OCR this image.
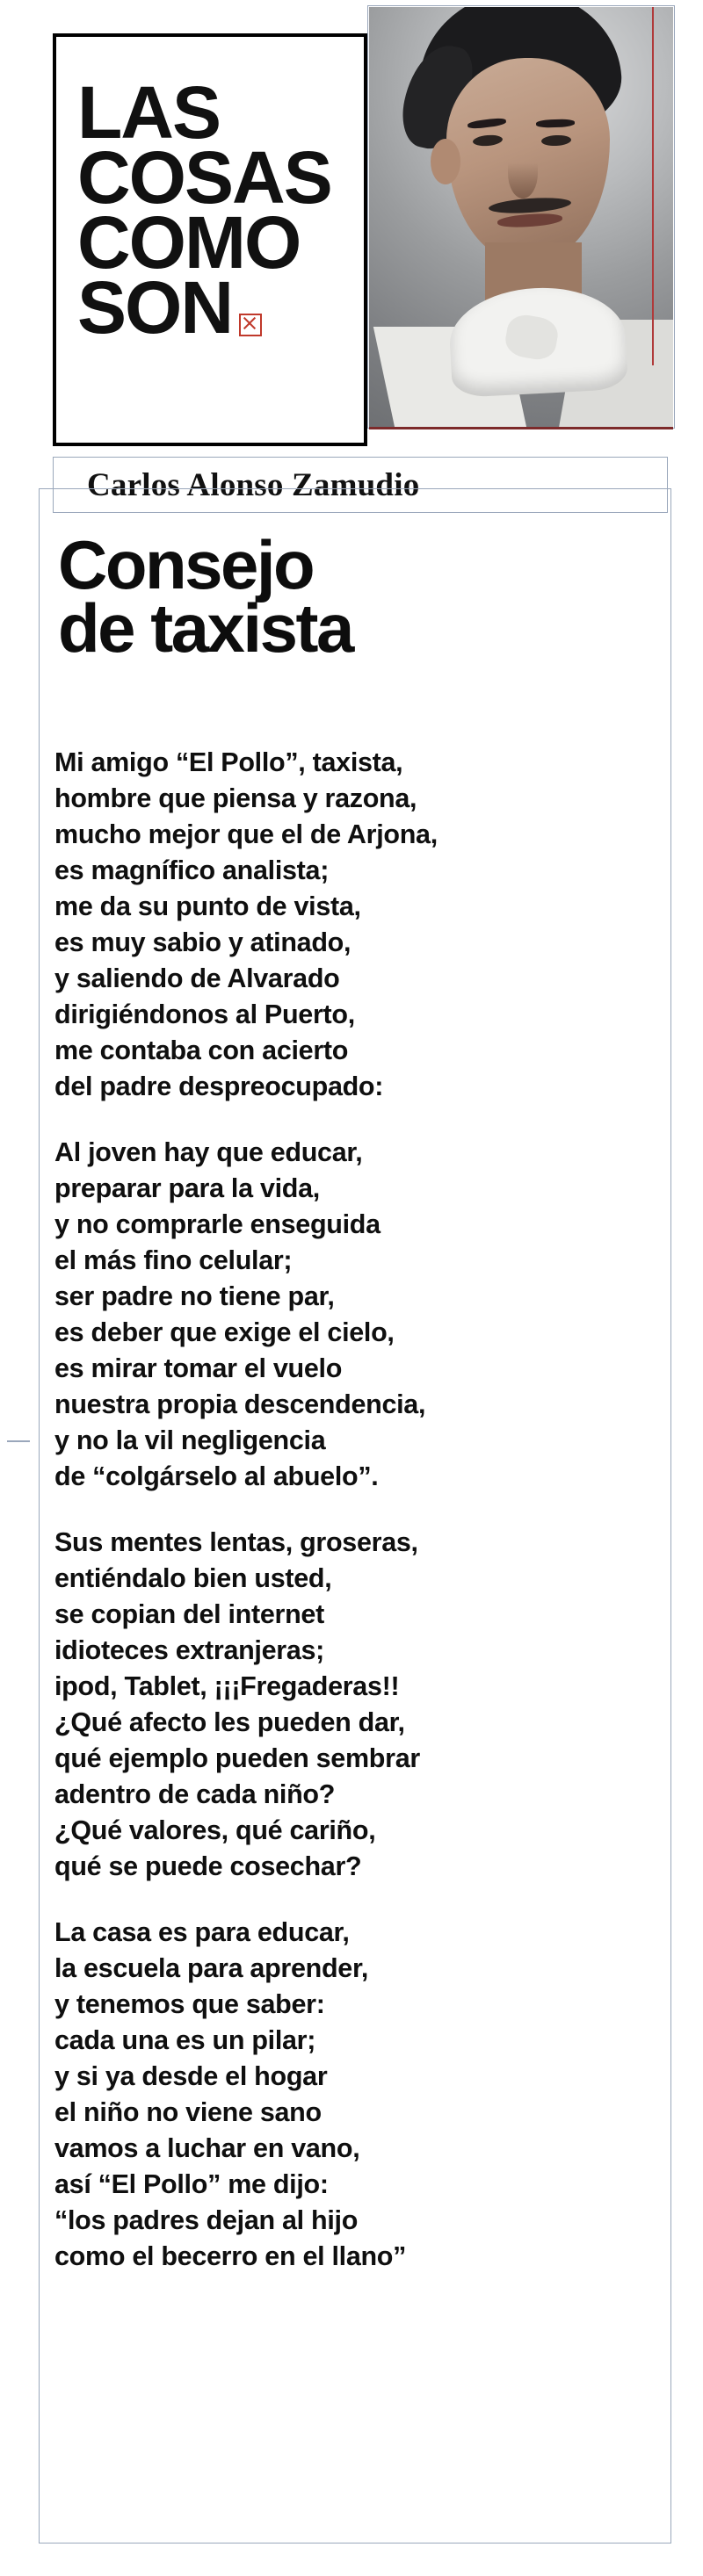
LAS
COSAS
COMO
SON
Carlos Alonso Zamudio
Consejo
de taxista
Mi amigo “El Pollo”, taxista,
hombre que piensa y razona,
mucho mejor que el de Arjona,
es magnífico analista;
me da su punto de vista,
es muy sabio y atinado,
y saliendo de Alvarado
dirigiéndonos al Puerto,
me contaba con acierto
del padre despreocupado:
Al joven hay que educar,
preparar para la vida,
y no comprarle enseguida
el más fino celular;
ser padre no tiene par,
es deber que exige el cielo,
es mirar tomar el vuelo
nuestra propia descendencia,
y no la vil negligencia
de “colgárselo al abuelo”.
Sus mentes lentas, groseras,
entiéndalo bien usted,
se copian del internet
idioteces extranjeras;
ipod, Tablet, ¡¡¡Fregaderas!!
¿Qué afecto les pueden dar,
qué ejemplo pueden sembrar
adentro de cada niño?
¿Qué valores, qué cariño,
qué se puede cosechar?
La casa es para educar,
la escuela para aprender,
y tenemos que saber:
cada una es un pilar;
y si ya desde el hogar
el niño no viene sano
vamos a luchar en vano,
así “El Pollo” me dijo:
“los padres dejan al hijo
como el becerro en el llano”
